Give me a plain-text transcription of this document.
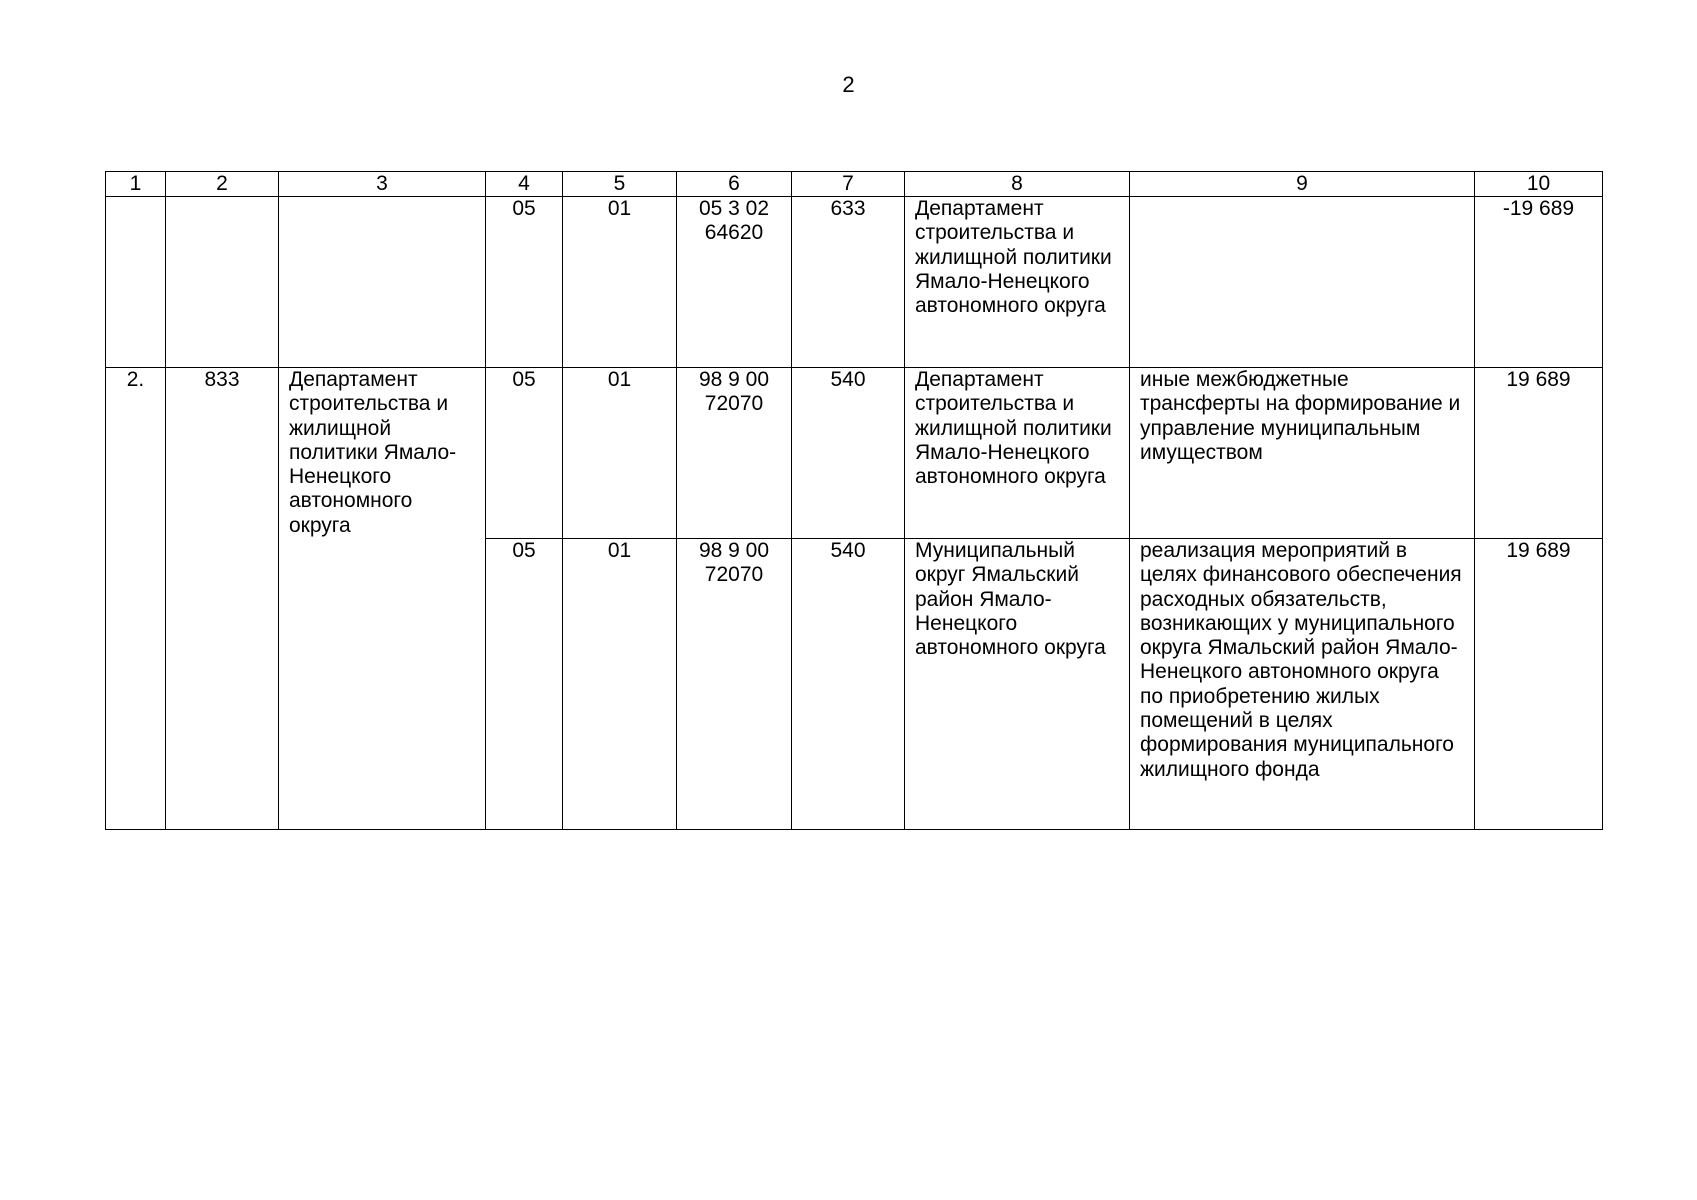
2
1	2	3	4	5	6	7	8	9	10
			05	01	05 3 02 64620	633	Департамент строительства и жилищной политики Ямало-Ненецкого автономного округа		-19 689
2.	833	Департамент строительства и жилищной политики Ямало-Ненецкого автономного округа	05	01	98 9 00 72070	540	Департамент строительства и жилищной политики Ямало-Ненецкого автономного округа	иные межбюджетные трансферты на формирование и управление муниципальным имуществом	19 689
			05	01	98 9 00 72070	540	Муниципальный округ Ямальский район Ямало-Ненецкого автономного округа	реализация мероприятий в целях финансового обеспечения расходных обязательств, возникающих у муниципального округа Ямальский район Ямало-Ненецкого автономного округа по приобретению жилых помещений в целях формирования муниципального жилищного фонда	19 689
